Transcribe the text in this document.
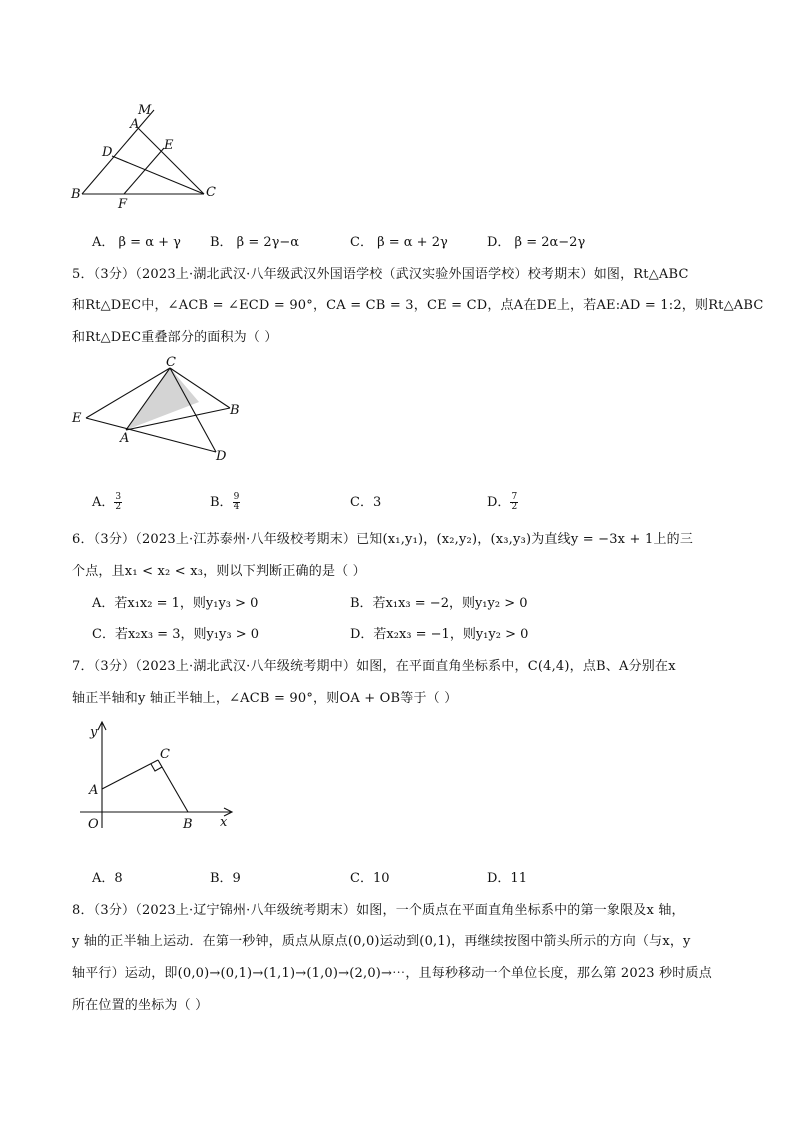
M
A
D	E
B
F
C
A． β = α + γ B． β = 2γ−α	C． β = α + 2γ	D． β = 2α−2γ
5．（3分）（2023上·湖北武汉·八年级武汉外国语学校（武汉实验外国语学校）校考期末）如图，Rt△ABC
和Rt△DEC中，∠ACB = ∠ECD = 90°，CA = CB = 3，CE = CD，点A在DE上，若AE:AD = 1:2，则Rt△ABC
和Rt△DEC重叠部分的面积为（ ）
C
E
B
A
D
A． $\frac{3}{2}$	B． $\frac{9}{4}$	C．3	D． $\frac{7}{2}$
6．（3分）（2023上·江苏泰州·八年级校考期末）已知(x₁,y₁)，(x₂,y₂)，(x₃,y₃)为直线y = −3x + 1上的三
个点，且x₁ < x₂ < x₃，则以下判断正确的是（ ）
A．若x₁x₂ = 1，则y₁y₃ > 0	B．若x₁x₃ = −2，则y₁y₂ > 0
C．若x₂x₃ = 3，则y₁y₃ > 0	D．若x₂x₃ = −1，则y₁y₂ > 0
7．（3分）（2023上·湖北武汉·八年级统考期中）如图，在平面直角坐标系中，C(4,4)，点B、A分别在x
轴正半轴和y 轴正半轴上，∠ACB = 90°，则OA + OB等于（ ）
y
x
C
A
O	B
A．8	B．9	C．10	D．11
8．（3分）（2023上·辽宁锦州·八年级统考期末）如图，一个质点在平面直角坐标系中的第一象限及x 轴，
y 轴的正半轴上运动．在第一秒钟，质点从原点(0,0)运动到(0,1)，再继续按图中箭头所示的方向（与x，y
轴平行）运动，即(0,0)→(0,1)→(1,1)→(1,0)→(2,0)→⋯，且每秒移动一个单位长度，那么第 2023 秒时质点
所在位置的坐标为（ ）
